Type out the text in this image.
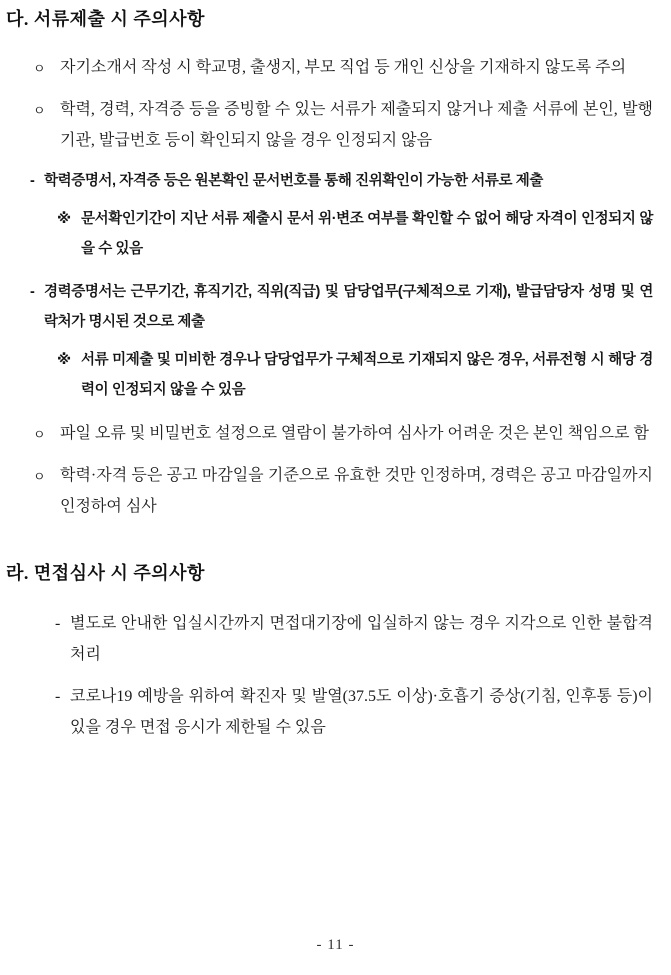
다. 서류제출 시 주의사항
ㅇ 자기소개서 작성 시 학교명, 출생지, 부모 직업 등 개인 신상을 기재하지 않도록 주의
ㅇ 학력, 경력, 자격증 등을 증빙할 수 있는 서류가 제출되지 않거나 제출 서류에 본인, 발행기관, 발급번호 등이 확인되지 않을 경우 인정되지 않음
- 학력증명서, 자격증 등은 원본확인 문서번호를 통해 진위확인이 가능한 서류로 제출
※ 문서확인기간이 지난 서류 제출시 문서 위·변조 여부를 확인할 수 없어 해당 자격이 인정되지 않을 수 있음
- 경력증명서는 근무기간, 휴직기간, 직위(직급) 및 담당업무(구체적으로 기재), 발급담당자 성명 및 연락처가 명시된 것으로 제출
※ 서류 미제출 및 미비한 경우나 담당업무가 구체적으로 기재되지 않은 경우, 서류전형 시 해당 경력이 인정되지 않을 수 있음
ㅇ 파일 오류 및 비밀번호 설정으로 열람이 불가하여 심사가 어려운 것은 본인 책임으로 함
ㅇ 학력·자격 등은 공고 마감일을 기준으로 유효한 것만 인정하며, 경력은 공고 마감일까지 인정하여 심사
라. 면접심사 시 주의사항
- 별도로 안내한 입실시간까지 면접대기장에 입실하지 않는 경우 지각으로 인한 불합격 처리
- 코로나19 예방을 위하여 확진자 및 발열(37.5도 이상)·호흡기 증상(기침, 인후통 등)이 있을 경우 면접 응시가 제한될 수 있음
- 11 -
